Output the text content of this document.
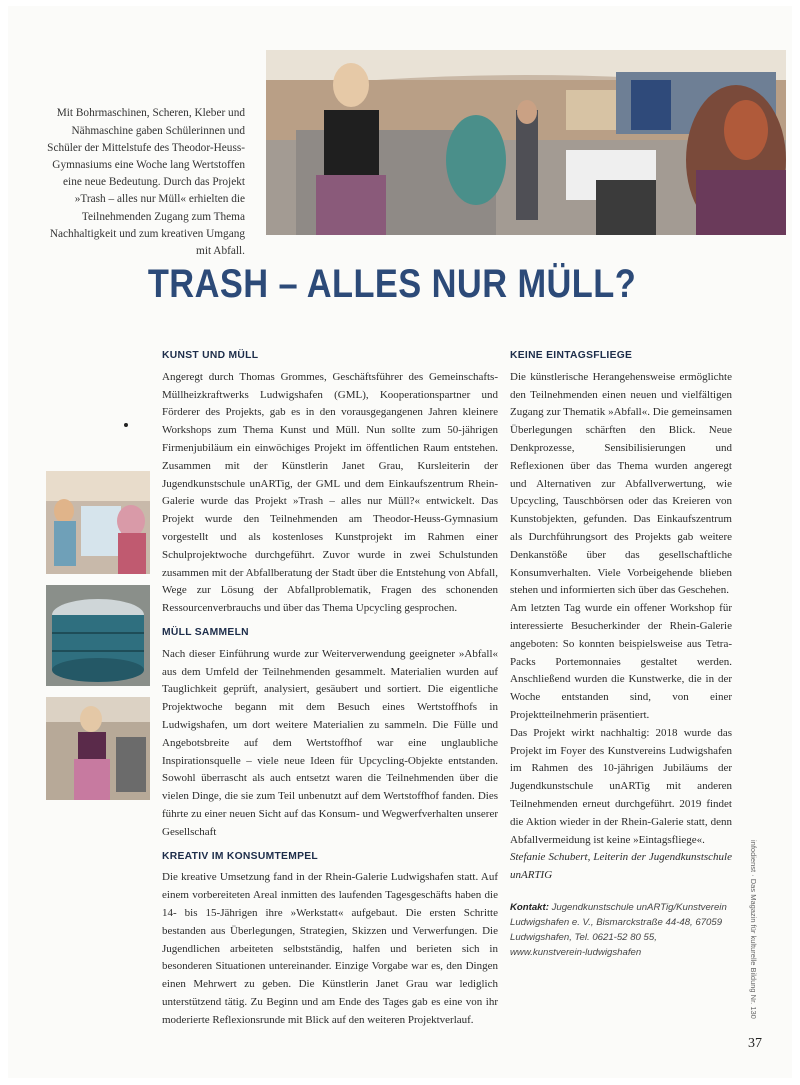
Mit Bohrmaschinen, Scheren, Kleber und Nähmaschine gaben Schülerinnen und Schüler der Mittelstufe des Theodor-Heuss-Gymnasiums eine Woche lang Wertstoffen eine neue Bedeutung. Durch das Projekt »Trash – alles nur Müll« erhielten die Teilnehmenden Zugang zum Thema Nachhaltigkeit und zum kreativen Umgang mit Abfall.

TRASH – ALLES NUR MÜLL?
KUNST UND MÜLL

Angeregt durch Thomas Grommes, Geschäftsführer des Gemeinschafts-Müllheizkraftwerks Ludwigshafen (GML), Kooperationspartner und Förderer des Projekts, gab es in den vorausgegangenen Jahren kleinere Workshops zum Thema Kunst und Müll. Nun sollte zum 50-jährigen Firmenjubiläum ein einwöchiges Projekt im öffentlichen Raum entstehen. Zusammen mit der Künstlerin Janet Grau, Kursleiterin der Jugendkunstschule unARTig, der GML und dem Einkaufszentrum Rhein-Galerie wurde das Projekt »Trash – alles nur Müll?« entwickelt. Das Projekt wurde den Teilnehmenden am Theodor-Heuss-Gymnasium vorgestellt und als kostenloses Kunstprojekt im Rahmen einer Schulprojektwoche durchgeführt. Zuvor wurde in zwei Schulstunden zusammen mit der Abfallberatung der Stadt über die Entstehung von Abfall, Wege zur Lösung der Abfallproblematik, Fragen des schonenden Ressourcenverbrauchs und über das Thema Upcycling gesprochen.

MÜLL SAMMELN

Nach dieser Einführung wurde zur Weiterverwendung geeigneter »Abfall« aus dem Umfeld der Teilnehmenden gesammelt. Materialien wurden auf Tauglichkeit geprüft, analysiert, gesäubert und sortiert. Die eigentliche Projektwoche begann mit dem Besuch eines Wertstoffhofs in Ludwigshafen, um dort weitere Materialien zu sammeln. Die Fülle und Angebotsbreite auf dem Wertstoffhof war eine unglaubliche Inspirationsquelle – viele neue Ideen für Upcycling-Objekte entstanden. Sowohl überrascht als auch entsetzt waren die Teilnehmenden über die vielen Dinge, die sie zum Teil unbenutzt auf dem Wertstoffhof fanden. Dies führte zu einer neuen Sicht auf das Konsum- und Wegwerfverhalten unserer Gesellschaft

KREATIV IM KONSUMTEMPEL

Die kreative Umsetzung fand in der Rhein-Galerie Ludwigshafen statt. Auf einem vorbereiteten Areal inmitten des laufenden Tagesgeschäfts haben die 14- bis 15-Jährigen ihre »Werkstatt« aufgebaut. Die ersten Schritte bestanden aus Überlegungen, Strategien, Skizzen und Verwerfungen. Die Jugendlichen arbeiteten selbstständig, halfen und berieten sich in besonderen Situationen untereinander. Einzige Vorgabe war es, den Dingen einen Mehrwert zu geben. Die Künstlerin Janet Grau war lediglich unterstützend tätig. Zu Beginn und am Ende des Tages gab es eine von ihr moderierte Reflexionsrunde mit Blick auf den weiteren Projektverlauf.

KEINE EINTAGSFLIEGE

Die künstlerische Herangehensweise ermöglichte den Teilnehmenden einen neuen und vielfältigen Zugang zur Thematik »Abfall«. Die gemeinsamen Überlegungen schärften den Blick. Neue Denkprozesse, Sensibilisierungen und Reflexionen über das Thema wurden angeregt und Alternativen zur Abfallverwertung, wie Upcycling, Tauschbörsen oder das Kreieren von Kunstobjekten, gefunden. Das Einkaufszentrum als Durchführungsort des Projekts gab weitere Denkanstöße über das gesellschaftliche Konsumverhalten. Viele Vorbeigehende blieben stehen und informierten sich über das Geschehen.

Am letzten Tag wurde ein offener Workshop für interessierte Besucherkinder der Rhein-Galerie angeboten: So konnten beispielsweise aus Tetra-Packs Portemonnaies gestaltet werden. Anschließend wurden die Kunstwerke, die in der Woche entstanden sind, von einer Projektteilnehmerin präsentiert.

Das Projekt wirkt nachhaltig: 2018 wurde das Projekt im Foyer des Kunstvereins Ludwigshafen im Rahmen des 10-jährigen Jubiläums der Jugendkunstschule unARTig mit anderen Teilnehmenden erneut durchgeführt. 2019 findet die Aktion wieder in der Rhein-Galerie statt, denn Abfallvermeidung ist keine »Eintagsfliege«.

Stefanie Schubert, Leiterin der Jugendkunstschule unARTIG

Kontakt: Jugendkunstschule unARTig/Kunstverein Ludwigshafen e. V., Bismarckstraße 44-48, 67059 Ludwigshafen, Tel. 0621-52 80 55, www.kunstverein-ludwigshafen	infodienst · Das Magazin für kulturelle Bildung Nr. 130
37
